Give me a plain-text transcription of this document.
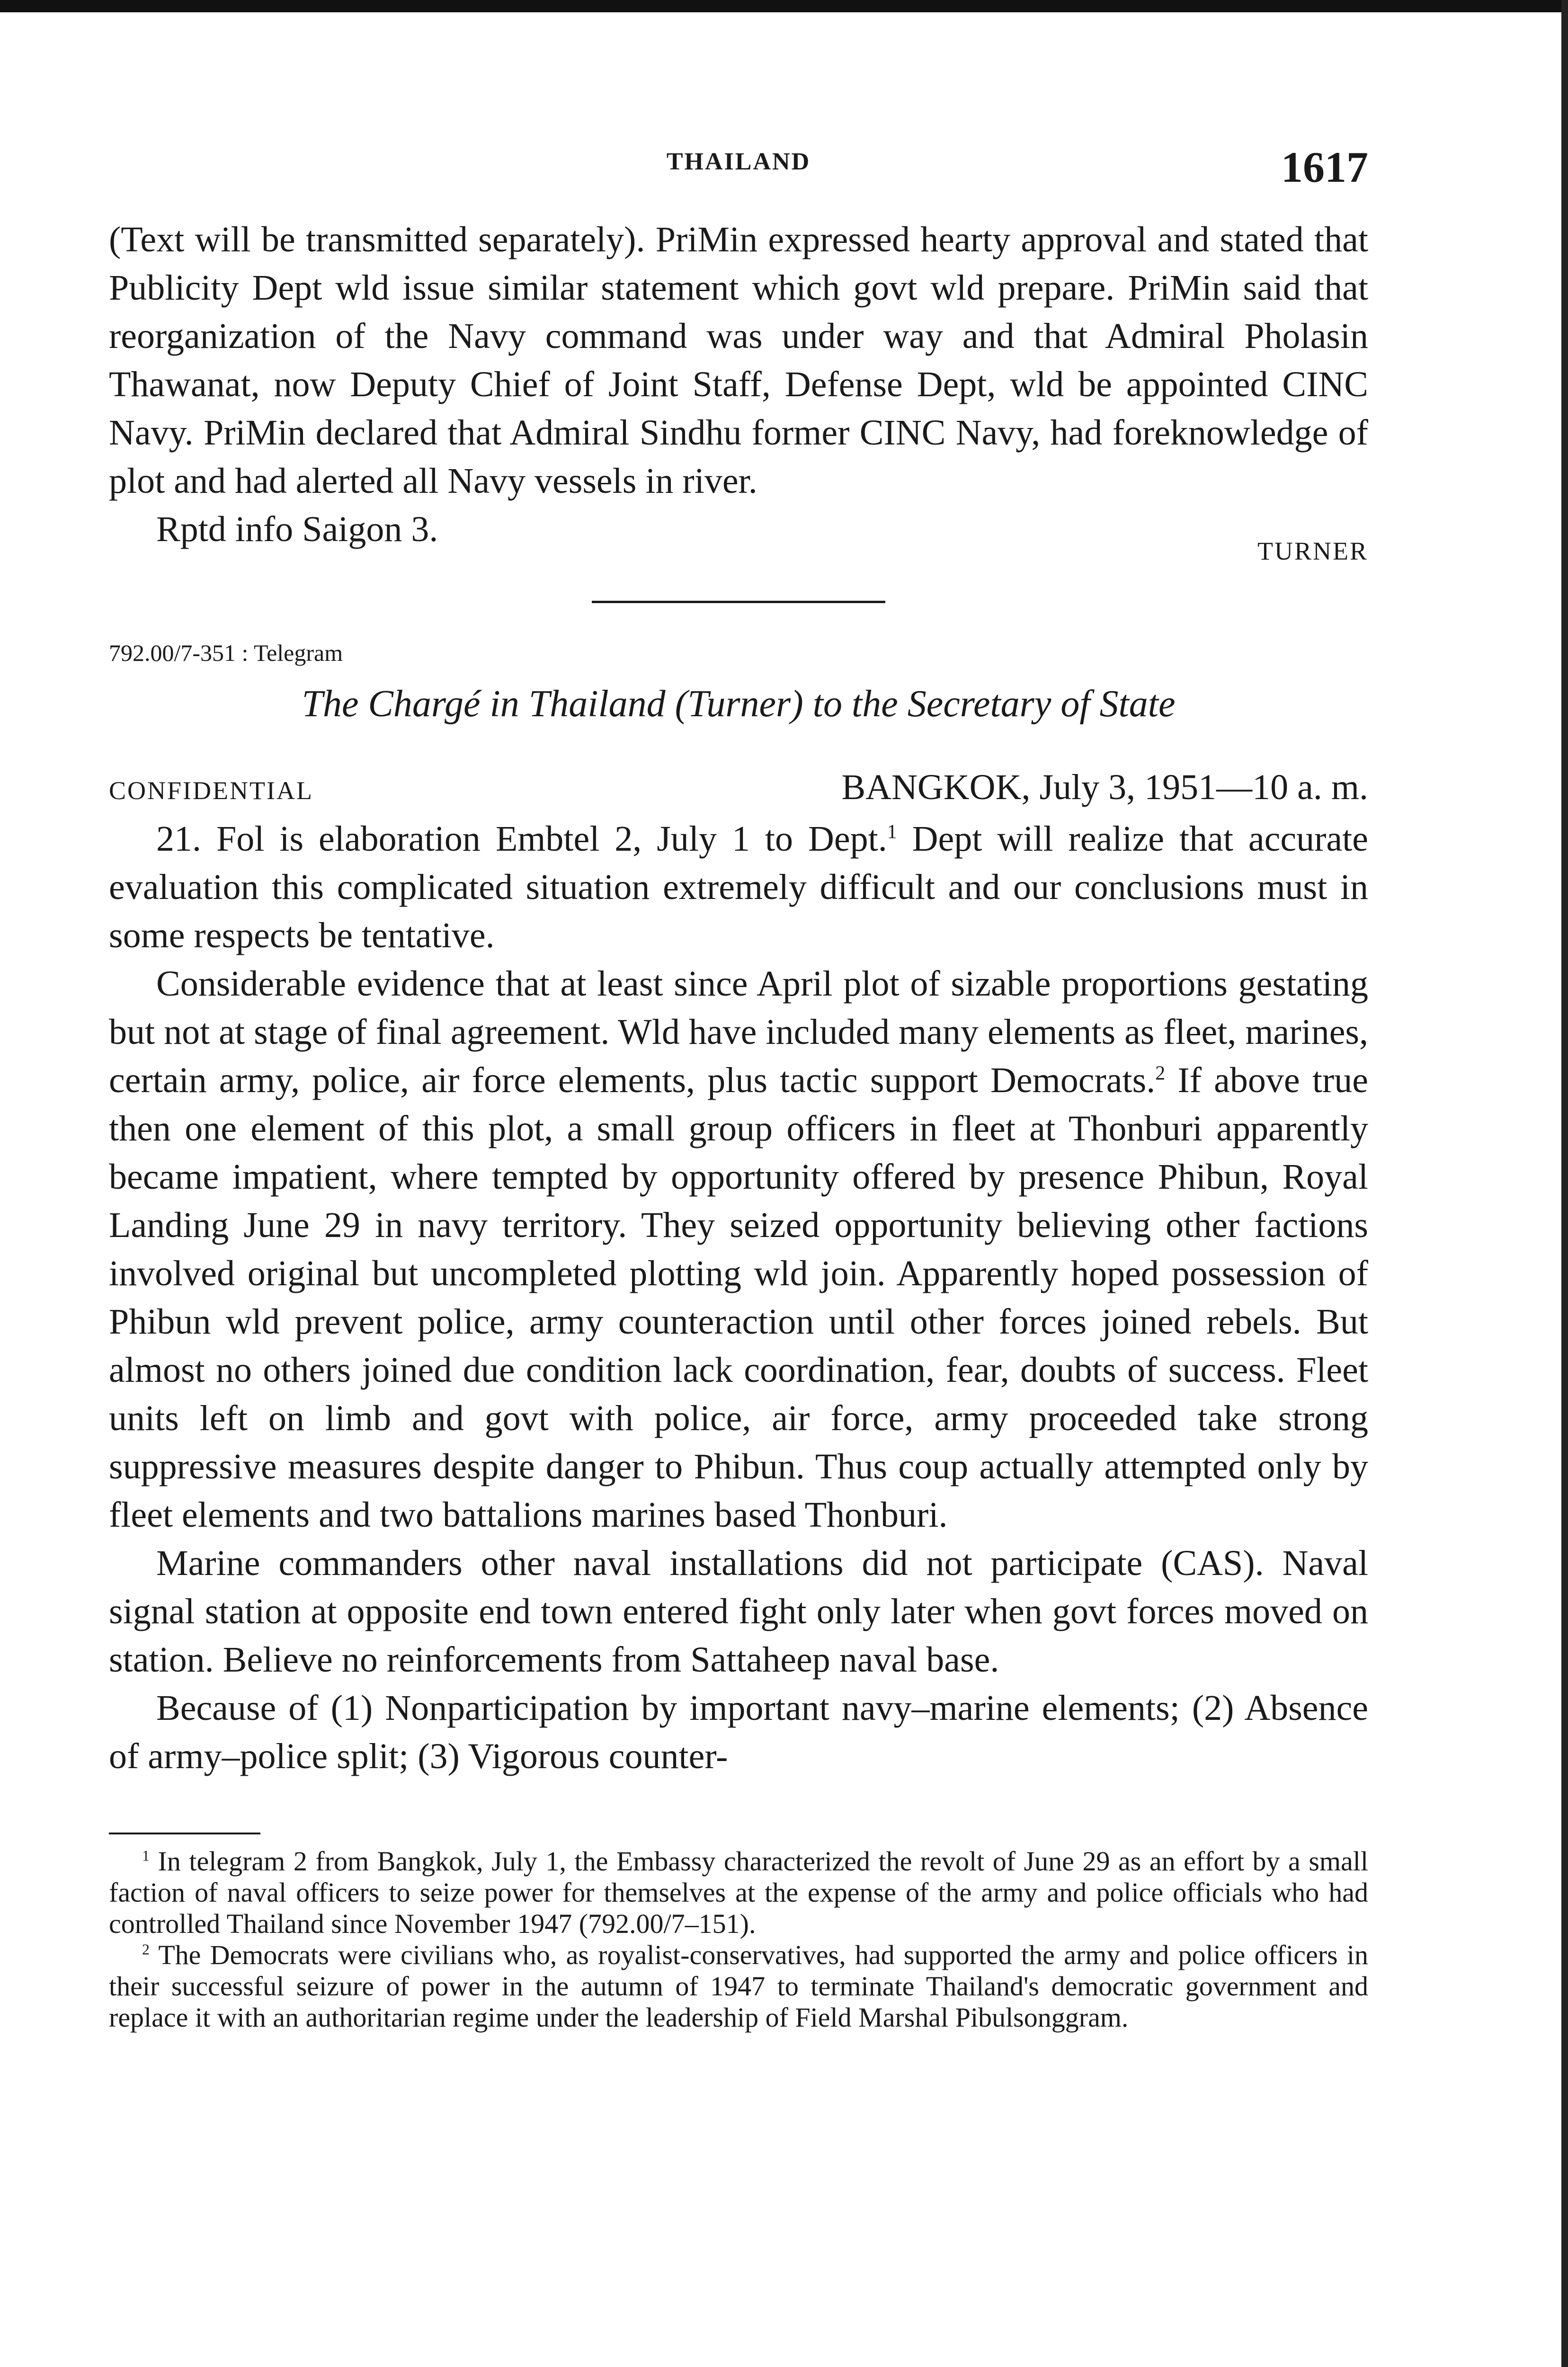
THAILAND	1617

(Text will be transmitted separately). PriMin expressed hearty approval and stated that Publicity Dept wld issue similar statement which govt wld prepare. PriMin said that reorganization of the Navy command was under way and that Admiral Pholasin Thawanat, now Deputy Chief of Joint Staff, Defense Dept, wld be appointed CINC Navy. PriMin declared that Admiral Sindhu former CINC Navy, had foreknowledge of plot and had alerted all Navy vessels in river.

Rptd info Saigon 3.

TURNER
792.00/7-351 : Telegram
The Chargé in Thailand (Turner) to the Secretary of State
CONFIDENTIAL	BANGKOK, July 3, 1951—10 a. m.

21. Fol is elaboration Embtel 2, July 1 to Dept.$^1$ Dept will realize that accurate evaluation this complicated situation extremely difficult and our conclusions must in some respects be tentative.

Considerable evidence that at least since April plot of sizable proportions gestating but not at stage of final agreement. Wld have included many elements as fleet, marines, certain army, police, air force elements, plus tactic support Democrats.$^2$ If above true then one element of this plot, a small group officers in fleet at Thonburi apparently became impatient, where tempted by opportunity offered by presence Phibun, Royal Landing June 29 in navy territory. They seized opportunity believing other factions involved original but uncompleted plotting wld join. Apparently hoped possession of Phibun wld prevent police, army counteraction until other forces joined rebels. But almost no others joined due condition lack coordination, fear, doubts of success. Fleet units left on limb and govt with police, air force, army proceeded take strong suppressive measures despite danger to Phibun. Thus coup actually attempted only by fleet elements and two battalions marines based Thonburi.

Marine commanders other naval installations did not participate (CAS). Naval signal station at opposite end town entered fight only later when govt forces moved on station. Believe no reinforcements from Sattaheep naval base.

Because of (1) Nonparticipation by important navy–marine elements; (2) Absence of army–police split; (3) Vigorous counter-

$^1$ In telegram 2 from Bangkok, July 1, the Embassy characterized the revolt of June 29 as an effort by a small faction of naval officers to seize power for themselves at the expense of the army and police officials who had controlled Thailand since November 1947 (792.00/7–151).

$^2$ The Democrats were civilians who, as royalist-conservatives, had supported the army and police officers in their successful seizure of power in the autumn of 1947 to terminate Thailand's democratic government and replace it with an authoritarian regime under the leadership of Field Marshal Pibulsonggram.
